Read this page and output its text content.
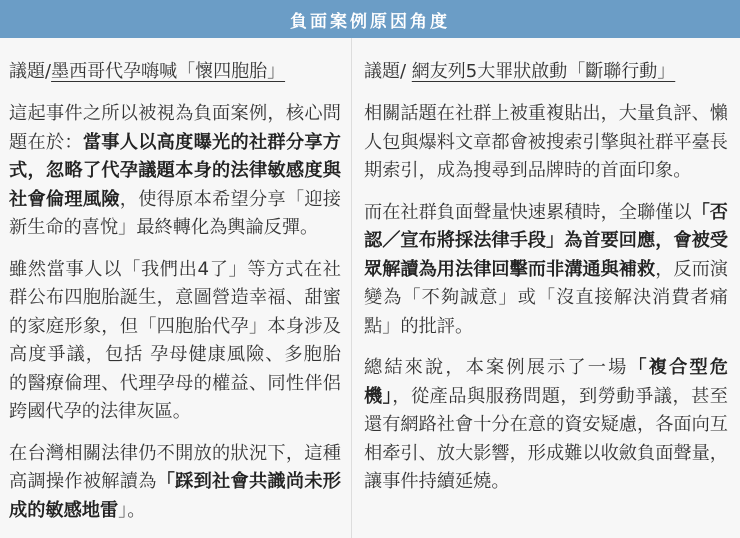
負面案例原因角度
議題/墨西哥代孕嗨喊「懷四胞胎」

這起事件之所以被視為負面案例，核心問題在於：當事人以高度曝光的社群分享方式，忽略了代孕議題本身的法律敏感度與社會倫理風險，使得原本希望分享「迎接新生命的喜悅」最終轉化為輿論反彈。

雖然當事人以「我們出4了」等方式在社群公布四胞胎誕生，意圖營造幸福、甜蜜的家庭形象，但「四胞胎代孕」本身涉及高度爭議，包括 孕母健康風險、多胞胎的醫療倫理、代理孕母的權益、同性伴侶跨國代孕的法律灰區。

在台灣相關法律仍不開放的狀況下，這種高調操作被解讀為「踩到社會共識尚未形成的敏感地雷」。

議題/ 網友列5大罪狀啟動「斷聯行動」

相關話題在社群上被重複貼出，大量負評、懶人包與爆料文章都會被搜索引擎與社群平臺長期索引，成為搜尋到品牌時的首面印象。

而在社群負面聲量快速累積時，全聯僅以「否認／宣布將採法律手段」為首要回應，會被受眾解讀為用法律回擊而非溝通與補救，反而演變為「不夠誠意」或「沒直接解決消費者痛點」的批評。

總結來說，本案例展示了一場「複合型危機」，從產品與服務問題，到勞動爭議，甚至還有網路社會十分在意的資安疑慮，各面向互相牽引、放大影響，形成難以收斂負面聲量，讓事件持續延燒。
